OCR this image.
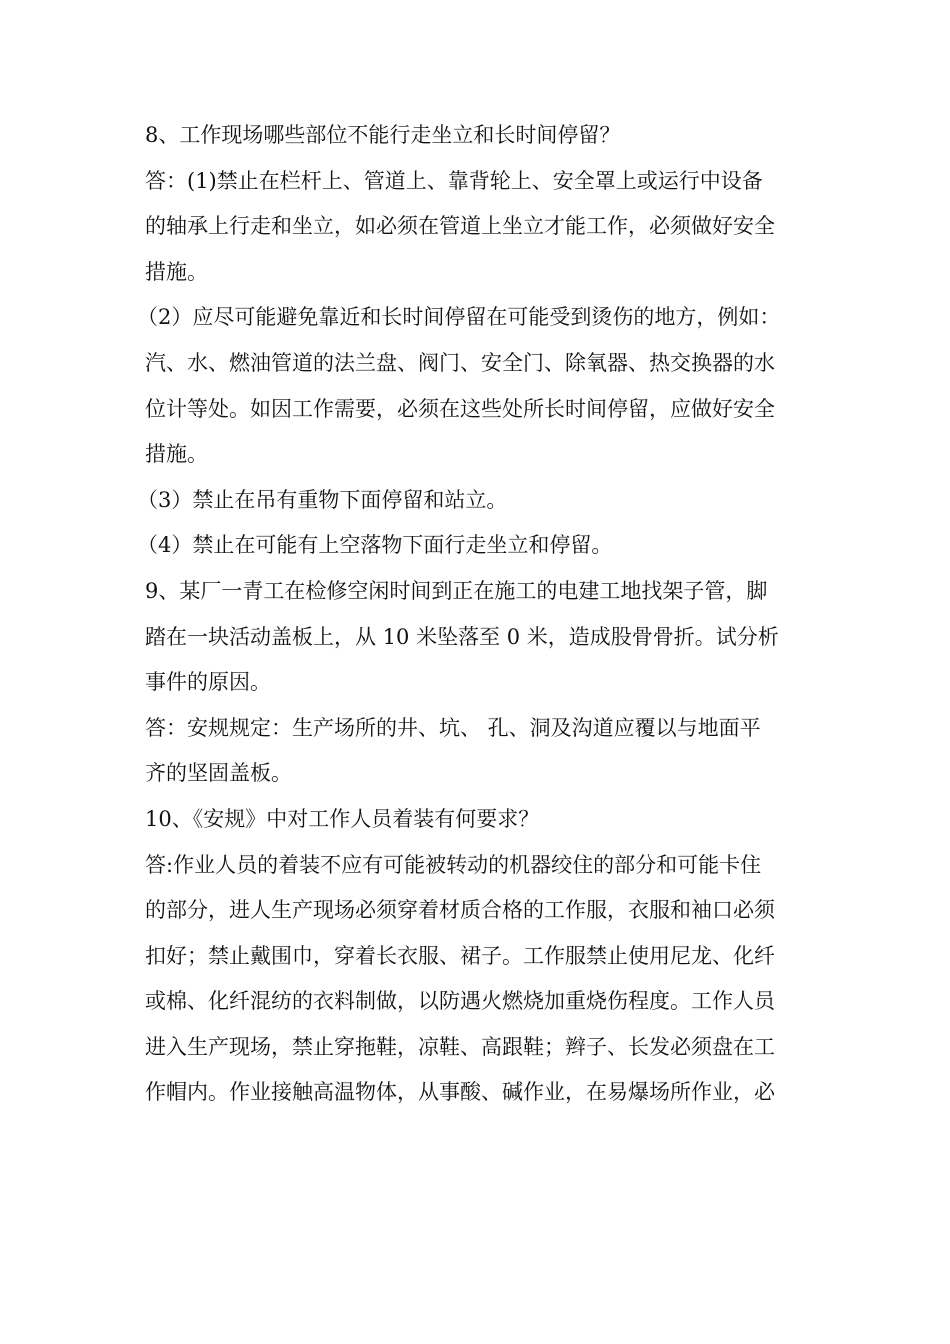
8、工作现场哪些部位不能行走坐立和长时间停留？
答：(1)禁止在栏杆上、管道上、靠背轮上、安全罩上或运行中设备
的轴承上行走和坐立，如必须在管道上坐立才能工作，必须做好安全
措施。
（2）应尽可能避免靠近和长时间停留在可能受到烫伤的地方，例如：
汽、水、燃油管道的法兰盘、阀门、安全门、除氧器、热交换器的水
位计等处。如因工作需要，必须在这些处所长时间停留，应做好安全
措施。
（3）禁止在吊有重物下面停留和站立。
（4）禁止在可能有上空落物下面行走坐立和停留。
9、某厂一青工在检修空闲时间到正在施工的电建工地找架子管，脚
踏在一块活动盖板上，从 10 米坠落至 0 米，造成股骨骨折。试分析
事件的原因。
答：安规规定：生产场所的井、坑、 孔、洞及沟道应覆以与地面平
齐的坚固盖板。
10、《安规》中对工作人员着装有何要求？
答:作业人员的着装不应有可能被转动的机器绞住的部分和可能卡住
的部分，进人生产现场必须穿着材质合格的工作服，衣服和袖口必须
扣好；禁止戴围巾，穿着长衣服、裙子。工作服禁止使用尼龙、化纤
或棉、化纤混纺的衣料制做，以防遇火燃烧加重烧伤程度。工作人员
进入生产现场，禁止穿拖鞋，凉鞋、高跟鞋；辫子、长发必须盘在工
作帽内。作业接触高温物体，从事酸、碱作业，在易爆场所作业，必
